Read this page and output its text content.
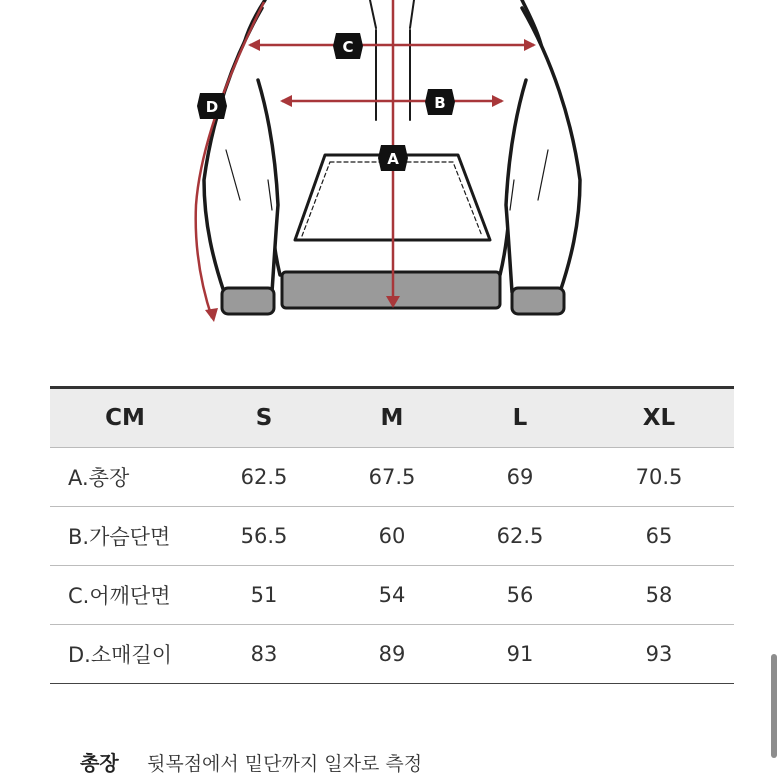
A
B
C
D
CM	S	M	L	XL
A.총장	62.5	67.5	69	70.5
B.가슴단면	56.5	60	62.5	65
C.어깨단면	51	54	56	58
D.소매길이	83	89	91	93
총장 뒷목점에서 밑단까지 일자로 측정
